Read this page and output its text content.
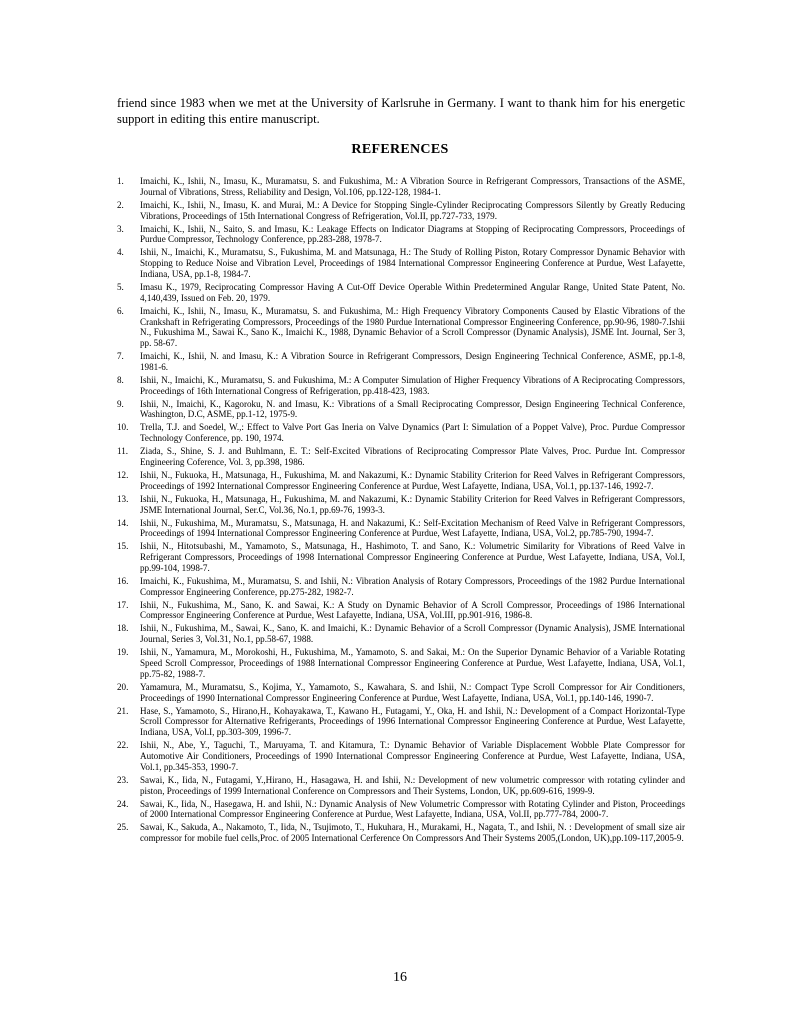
friend since 1983 when we met at the University of Karlsruhe in Germany. I want to thank him for his energetic support in editing this entire manuscript.

REFERENCES
1.	Imaichi, K., Ishii, N., Imasu, K., Muramatsu, S. and Fukushima, M.: A Vibration Source in Refrigerant Compressors, Transactions of the ASME, Journal of Vibrations, Stress, Reliability and Design, Vol.106, pp.122-128, 1984-1.
2.	Imaichi, K., Ishii, N., Imasu, K. and Murai, M.: A Device for Stopping Single-Cylinder Reciprocating Compressors Silently by Greatly Reducing Vibrations, Proceedings of 15th International Congress of Refrigeration, Vol.II, pp.727-733, 1979.
3.	Imaichi, K., Ishii, N., Saito, S. and Imasu, K.: Leakage Effects on Indicator Diagrams at Stopping of Reciprocating Compressors, Proceedings of Purdue Compressor, Technology Conference, pp.283-288, 1978-7.
4.	Ishii, N., Imaichi, K., Muramatsu, S., Fukushima, M. and Matsunaga, H.: The Study of Rolling Piston, Rotary Compressor Dynamic Behavior with Stopping to Reduce Noise and Vibration Level, Proceedings of 1984 International Compressor Engineering Conference at Purdue, West Lafayette, Indiana, USA, pp.1-8, 1984-7.
5.	Imasu K., 1979, Reciprocating Compressor Having A Cut-Off Device Operable Within Predetermined Angular Range, United State Patent, No. 4,140,439, Issued on Feb. 20, 1979.
6.	Imaichi, K., Ishii, N., Imasu, K., Muramatsu, S. and Fukushima, M.: High Frequency Vibratory Components Caused by Elastic Vibrations of the Crankshaft in Refrigerating Compressors, Proceedings of the 1980 Purdue International Compressor Engineering Conference, pp.90-96, 1980-7.Ishii N., Fukushima M., Sawai K., Sano K., Imaichi K., 1988, Dynamic Behavior of a Scroll Compressor (Dynamic Analysis), JSME Int. Journal, Ser 3, pp. 58-67.
7.	Imaichi, K., Ishii, N. and Imasu, K.: A Vibration Source in Refrigerant Compressors, Design Engineering Technical Conference, ASME, pp.1-8, 1981-6.
8.	Ishii, N., Imaichi, K., Muramatsu, S. and Fukushima, M.: A Computer Simulation of Higher Frequency Vibrations of A Reciprocating Compressors, Proceedings of 16th International Congress of Refrigeration, pp.418-423, 1983.
9.	Ishii, N., Imaichi, K., Kagoroku, N. and Imasu, K.: Vibrations of a Small Reciprocating Compressor, Design Engineering Technical Conference, Washington, D.C, ASME, pp.1-12, 1975-9.
10.	Trella, T.J. and Soedel, W.,: Effect to Valve Port Gas Ineria on Valve Dynamics (Part I: Simulation of a Poppet Valve), Proc. Purdue Compressor Technology Conference, pp. 190, 1974.
11.	Ziada, S., Shine, S. J. and Buhlmann, E. T.: Self-Excited Vibrations of Reciprocating Compressor Plate Valves, Proc. Purdue Int. Compressor Engineering Coference, Vol. 3, pp.398, 1986.
12.	Ishii, N., Fukuoka, H., Matsunaga, H., Fukushima, M. and Nakazumi, K.: Dynamic Stability Criterion for Reed Valves in Refrigerant Compressors, Proceedings of 1992 International Compressor Engineering Conference at Purdue, West Lafayette, Indiana, USA, Vol.1, pp.137-146, 1992-7.
13.	Ishii, N., Fukuoka, H., Matsunaga, H., Fukushima, M. and Nakazumi, K.: Dynamic Stability Criterion for Reed Valves in Refrigerant Compressors, JSME International Journal, Ser.C, Vol.36, No.1, pp.69-76, 1993-3.
14.	Ishii, N., Fukushima, M., Muramatsu, S., Matsunaga, H. and Nakazumi, K.: Self-Excitation Mechanism of Reed Valve in Refrigerant Compressors, Proceedings of 1994 International Compressor Engineering Conference at Purdue, West Lafayette, Indiana, USA, Vol.2, pp.785-790, 1994-7.
15.	Ishii, N., Hitotsubashi, M., Yamamoto, S., Matsunaga, H., Hashimoto, T. and Sano, K.: Volumetric Similarity for Vibrations of Reed Valve in Refrigerant Compressors, Proceedings of 1998 International Compressor Engineering Conference at Purdue, West Lafayette, Indiana, USA, Vol.I, pp.99-104, 1998-7.
16.	Imaichi, K., Fukushima, M., Muramatsu, S. and Ishii, N.: Vibration Analysis of Rotary Compressors, Proceedings of the 1982 Purdue International Compressor Engineering Conference, pp.275-282, 1982-7.
17.	Ishii, N., Fukushima, M., Sano, K. and Sawai, K.: A Study on Dynamic Behavior of A Scroll Compressor, Proceedings of 1986 International Compressor Engineering Conference at Purdue, West Lafayette, Indiana, USA, Vol.III, pp.901-916, 1986-8.
18.	Ishii, N., Fukushima, M., Sawai, K., Sano, K. and Imaichi, K.: Dynamic Behavior of a Scroll Compressor (Dynamic Analysis), JSME International Journal, Series 3, Vol.31, No.1, pp.58-67, 1988.
19.	Ishii, N., Yamamura, M., Morokoshi, H., Fukushima, M., Yamamoto, S. and Sakai, M.: On the Superior Dynamic Behavior of a Variable Rotating Speed Scroll Compressor, Proceedings of 1988 International Compressor Engineering Conference at Purdue, West Lafayette, Indiana, USA, Vol.1, pp.75-82, 1988-7.
20.	Yamamura, M., Muramatsu, S., Kojima, Y., Yamamoto, S., Kawahara, S. and Ishii, N.: Compact Type Scroll Compressor for Air Conditioners, Proceedings of 1990 International Compressor Engineering Conference at Purdue, West Lafayette, Indiana, USA, Vol.1, pp.140-146, 1990-7.
21.	Hase, S., Yamamoto, S., Hirano,H., Kohayakawa, T., Kawano H., Futagami, Y., Oka, H. and Ishii, N.: Development of a Compact Horizontal-Type Scroll Compressor for Alternative Refrigerants, Proceedings of 1996 International Compressor Engineering Conference at Purdue, West Lafayette, Indiana, USA, Vol.I, pp.303-309, 1996-7.
22.	Ishii, N., Abe, Y., Taguchi, T., Maruyama, T. and Kitamura, T.: Dynamic Behavior of Variable Displacement Wobble Plate Compressor for Automotive Air Conditioners, Proceedings of 1990 International Compressor Engineering Conference at Purdue, West Lafayette, Indiana, USA, Vol.1, pp.345-353, 1990-7.
23.	Sawai, K., Iida, N., Futagami, Y.,Hirano, H., Hasagawa, H. and Ishii, N.: Development of new volumetric compressor with rotating cylinder and piston, Proceedings of 1999 International Conference on Compressors and Their Systems, London, UK, pp.609-616, 1999-9.
24.	Sawai, K., Iida, N., Hasegawa, H. and Ishii, N.: Dynamic Analysis of New Volumetric Compressor with Rotating Cylinder and Piston, Proceedings of 2000 International Compressor Engineering Conference at Purdue, West Lafayette, Indiana, USA, Vol.II, pp.777-784, 2000-7.
25.	Sawai, K., Sakuda, A., Nakamoto, T., Iida, N., Tsujimoto, T., Hukuhara, H., Murakami, H., Nagata, T., and Ishii, N. : Development of small size air compressor for mobile fuel cells,Proc. of 2005 International Cerference On Compressors And Their Systems 2005,(London, UK),pp.109-117,2005-9.
16
